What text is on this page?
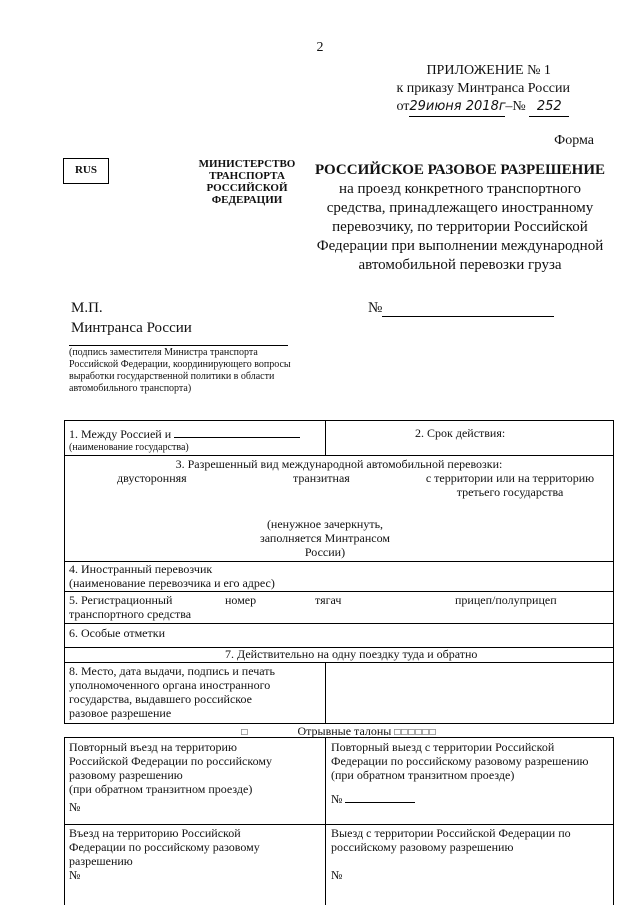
2
ПРИЛОЖЕНИЕ № 1
к приказу Минтранса России
от29июня 2018г–№ 252
Форма
RUS	МИНИСТЕРСТВО
ТРАНСПОРТА
РОССИЙСКОЙ
ФЕДЕРАЦИИ
РОССИЙСКОЕ РАЗОВОЕ РАЗРЕШЕНИЕ
на проезд конкретного транспортного
средства, принадлежащего иностранному
перевозчику, по территории Российской
Федерации при выполнении международной
автомобильной перевозки груза
М.П.
Минтранса России
№
(подпись заместителя Министра транспорта Российской Федерации, координирующего вопросы выработки государственной политики в области автомобильного транспорта)
1. Между Россией и
(наименование государства)
2. Срок действия:
3. Разрешенный вид международной автомобильной перевозки:
двусторонняя	транзитная	с территории или на территорию
третьего государства
(ненужное зачеркнуть,
заполняется Минтрансом
России)
4. Иностранный перевозчик
(наименование перевозчика и его адрес)
5. Регистрационный	номер	тягач	прицеп/полуприцеп
транспортного средства
6. Особые отметки
7. Действительно на одну поездку туда и обратно
8. Место, дата выдачи, подпись и печать
уполномоченного органа иностранного
государства, выдавшего российское
разовое разрешение
□	Отрывные талоны □□□□□□
Повторный въезд на территорию
Российской Федерации по российскому
разовому разрешению
(при обратном транзитном проезде)
№
Повторный выезд с территории Российской
Федерации по российскому разовому разрешению
(при обратном транзитном проезде)
№
Въезд на территорию Российской
Федерации по российскому разовому
разрешению
№
Выезд с территории Российской Федерации по
российскому разовому разрешению
№
